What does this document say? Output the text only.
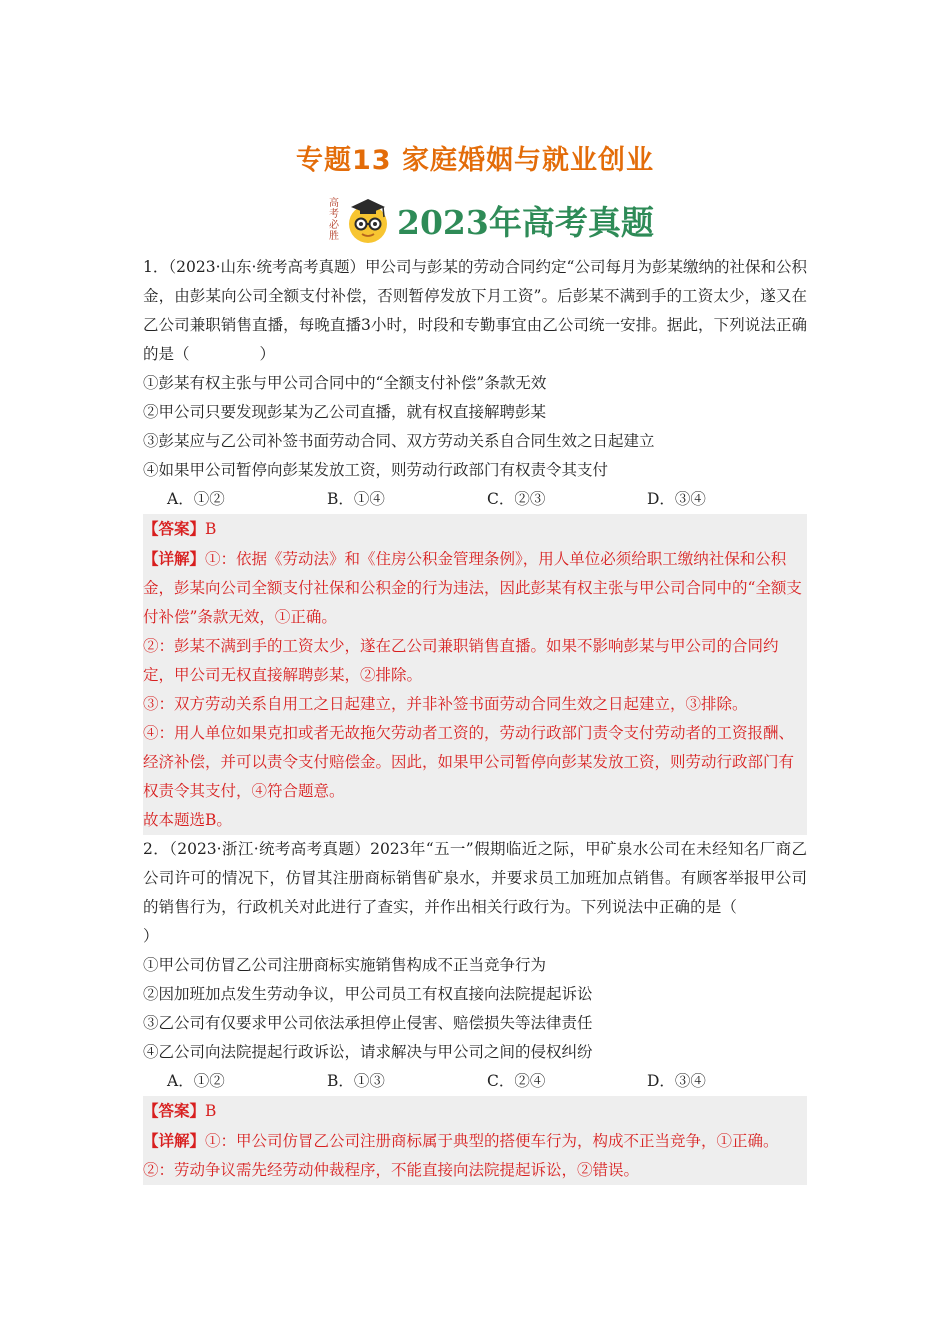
专题13 家庭婚姻与就业创业
高考必胜 2023年高考真题

1．（2023·山东·统考高考真题）甲公司与彭某的劳动合同约定“公司每月为彭某缴纳的社保和公积金，由彭某向公司全额支付补偿，否则暂停发放下月工资”。后彭某不满到手的工资太少，遂又在乙公司兼职销售直播，每晚直播3小时，时段和专勤事宜由乙公司统一安排。据此，下列说法正确的是（	）

①彭某有权主张与甲公司合同中的“全额支付补偿”条款无效

②甲公司只要发现彭某为乙公司直播，就有权直接解聘彭某

③彭某应与乙公司补签书面劳动合同、双方劳动关系自合同生效之日起建立

④如果甲公司暂停向彭某发放工资，则劳动行政部门有权责令其支付

A．①②	B．①④	C．②③	D．③④

【答案】B

【详解】①：依据《劳动法》和《住房公积金管理条例》，用人单位必须给职工缴纳社保和公积金，彭某向公司全额支付社保和公积金的行为违法，因此彭某有权主张与甲公司合同中的“全额支付补偿”条款无效，①正确。

②：彭某不满到手的工资太少，遂在乙公司兼职销售直播。如果不影响彭某与甲公司的合同约定，甲公司无权直接解聘彭某，②排除。

③：双方劳动关系自用工之日起建立，并非补签书面劳动合同生效之日起建立，③排除。

④：用人单位如果克扣或者无故拖欠劳动者工资的，劳动行政部门责令支付劳动者的工资报酬、经济补偿，并可以责令支付赔偿金。因此，如果甲公司暂停向彭某发放工资，则劳动行政部门有权责令其支付，④符合题意。

故本题选B。

2．（2023·浙江·统考高考真题）2023年“五一”假期临近之际，甲矿泉水公司在未经知名厂商乙公司许可的情况下，仿冒其注册商标销售矿泉水，并要求员工加班加点销售。有顾客举报甲公司的销售行为，行政机关对此进行了查实，并作出相关行政行为。下列说法中正确的是（）

①甲公司仿冒乙公司注册商标实施销售构成不正当竞争行为

②因加班加点发生劳动争议，甲公司员工有权直接向法院提起诉讼

③乙公司有仅要求甲公司依法承担停止侵害、赔偿损失等法律责任

④乙公司向法院提起行政诉讼，请求解决与甲公司之间的侵权纠纷

A．①②	B．①③	C．②④	D．③④

【答案】B

【详解】①：甲公司仿冒乙公司注册商标属于典型的搭便车行为，构成不正当竞争，①正确。

②：劳动争议需先经劳动仲裁程序，不能直接向法院提起诉讼，②错误。
